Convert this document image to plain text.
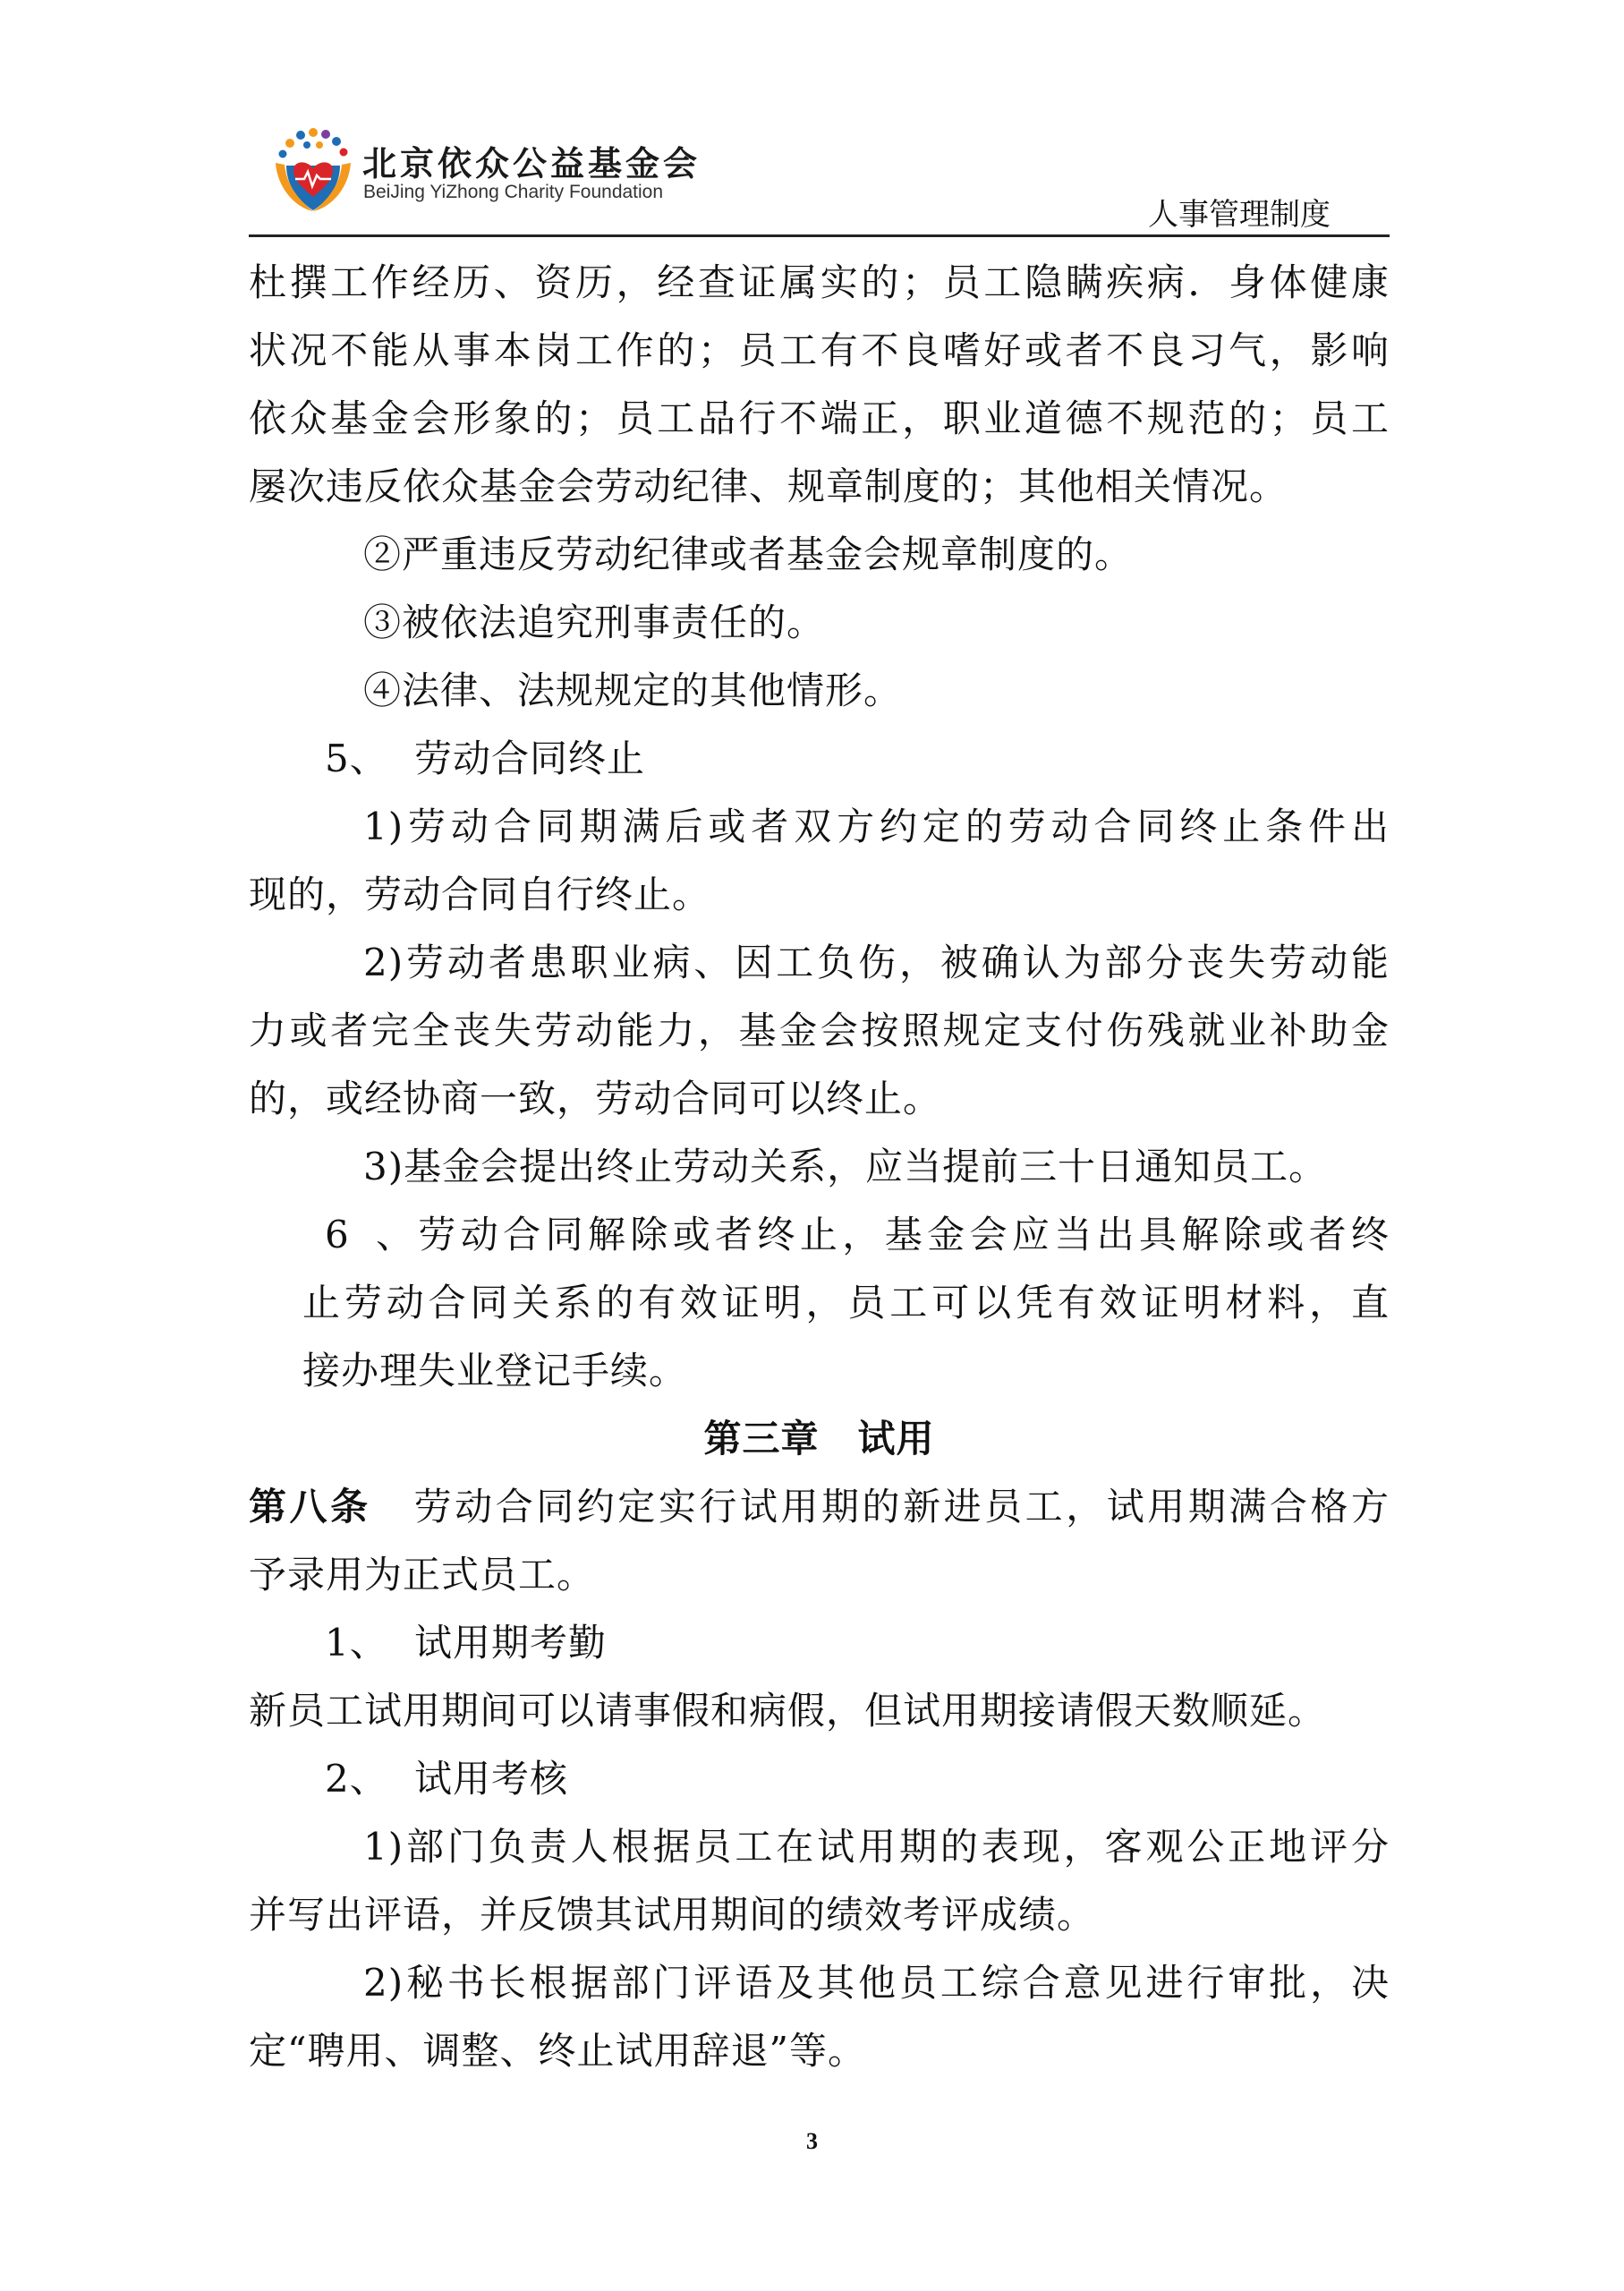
北京依众公益基金会
BeiJing YiZhong Charity Foundation
人事管理制度
杜撰工作经历、资历，经查证属实的；员工隐瞒疾病．身体健康
状况不能从事本岗工作的；员工有不良嗜好或者不良习气，影响
依众基金会形象的；员工品行不端正，职业道德不规范的；员工
屡次违反依众基金会劳动纪律、规章制度的；其他相关情况。
②严重违反劳动纪律或者基金会规章制度的。
③被依法追究刑事责任的。
④法律、法规规定的其他情形。
5、 劳动合同终止
1)劳动合同期满后或者双方约定的劳动合同终止条件出
现的，劳动合同自行终止。
2)劳动者患职业病、因工负伤，被确认为部分丧失劳动能
力或者完全丧失劳动能力，基金会按照规定支付伤残就业补助金
的，或经协商一致，劳动合同可以终止。
3)基金会提出终止劳动关系，应当提前三十日通知员工。
6、劳动合同解除或者终止，基金会应当出具解除或者终
止劳动合同关系的有效证明，员工可以凭有效证明材料，直
接办理失业登记手续。
第三章　试用
第八条 劳动合同约定实行试用期的新进员工，试用期满合格方
予录用为正式员工。
1、 试用期考勤
新员工试用期间可以请事假和病假，但试用期接请假天数顺延。
2、 试用考核
1)部门负责人根据员工在试用期的表现，客观公正地评分
并写出评语，并反馈其试用期间的绩效考评成绩。
2)秘书长根据部门评语及其他员工综合意见进行审批，决
定“聘用、调整、终止试用辞退”等。
3
